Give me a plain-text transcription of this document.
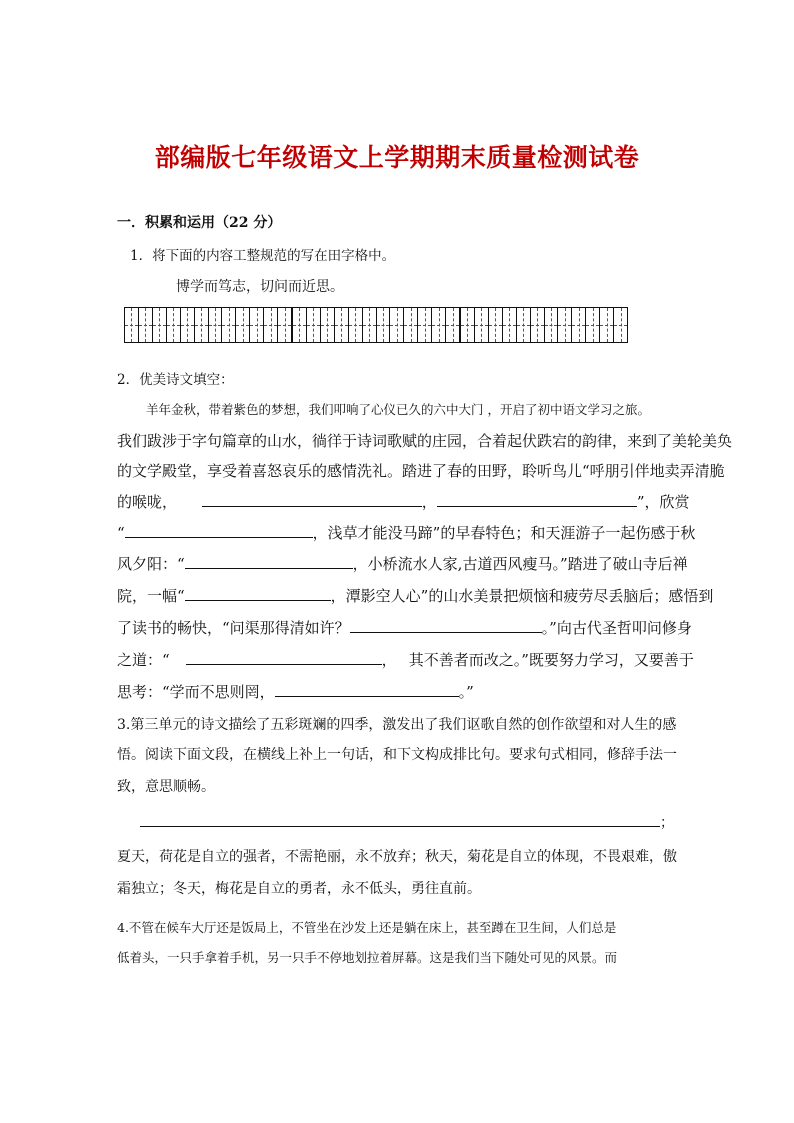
部编版七年级语文上学期期末质量检测试卷
一．积累和运用（22 分）
1．将下面的内容工整规范的写在田字格中。
博学而笃志，切问而近思。
2．优美诗文填空：
羊年金秋，带着紫色的梦想，我们叩响了心仪已久的六中大门 ，开启了初中语文学习之旅。
我们跋涉于字句篇章的山水，徜徉于诗词歌赋的庄园，合着起伏跌宕的韵律，来到了美轮美奂
的文学殿堂，享受着喜怒哀乐的感情洗礼。踏进了春的田野，聆听鸟儿“呼朋引伴地卖弄清脆
的喉咙，	，	”，欣赏
“	，浅草才能没马蹄”的早春特色；和天涯游子一起伤感于秋
风夕阳：“	，小桥流水人家,古道西风瘦马。”踏进了破山寺后禅
院，一幅“	，潭影空人心”的山水美景把烦恼和疲劳尽丢脑后；感悟到
了读书的畅快，“问渠那得清如许？	。”向古代圣哲叩问修身
之道：“	， 其不善者而改之。”既要努力学习，又要善于
思考：“学而不思则罔，	。”
3.第三单元的诗文描绘了五彩斑斓的四季，激发出了我们讴歌自然的创作欲望和对人生的感
悟。阅读下面文段，在横线上补上一句话，和下文构成排比句。要求句式相同，修辞手法一
致，意思顺畅。
；
夏天，荷花是自立的强者，不需艳丽，永不放弃；秋天，菊花是自立的体现，不畏艰难，傲
霜独立；冬天，梅花是自立的勇者，永不低头，勇往直前。
4.不管在候车大厅还是饭局上，不管坐在沙发上还是躺在床上，甚至蹲在卫生间，人们总是
低着头，一只手拿着手机，另一只手不停地划拉着屏幕。这是我们当下随处可见的风景。而
